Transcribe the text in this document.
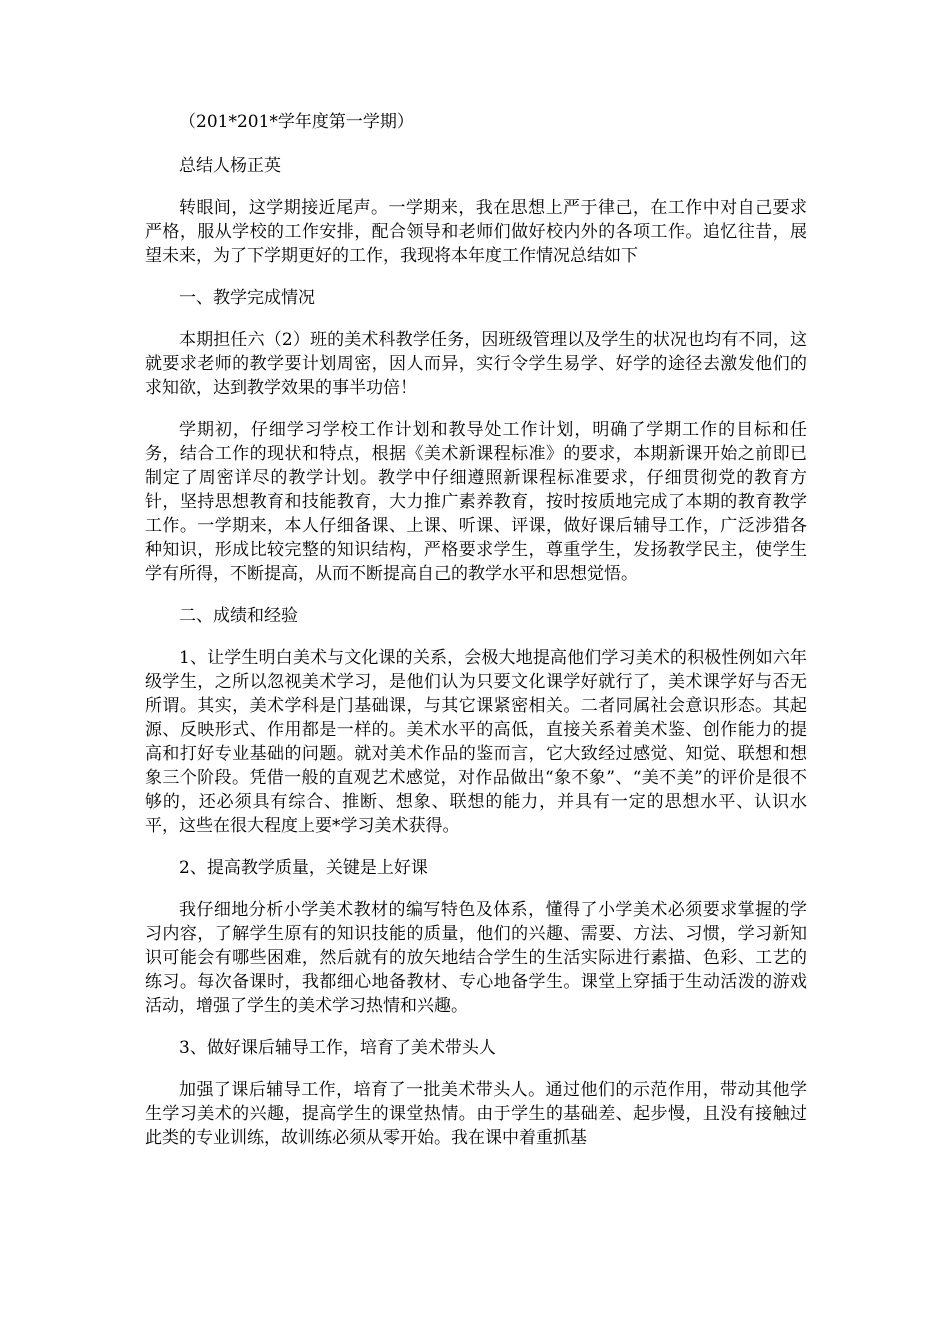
（201*201*学年度第一学期）

总结人杨正英

转眼间，这学期接近尾声。一学期来，我在思想上严于律己，在工作中对自己要求严格，服从学校的工作安排，配合领导和老师们做好校内外的各项工作。追忆往昔，展望未来，为了下学期更好的工作，我现将本年度工作情况总结如下

一、教学完成情况

本期担任六（2）班的美术科教学任务，因班级管理以及学生的状况也均有不同，这就要求老师的教学要计划周密，因人而异，实行令学生易学、好学的途径去激发他们的求知欲，达到教学效果的事半功倍！

学期初，仔细学习学校工作计划和教导处工作计划，明确了学期工作的目标和任务，结合工作的现状和特点，根据《美术新课程标准》的要求，本期新课开始之前即已制定了周密详尽的教学计划。教学中仔细遵照新课程标准要求，仔细贯彻党的教育方针，坚持思想教育和技能教育，大力推广素养教育，按时按质地完成了本期的教育教学工作。一学期来，本人仔细备课、上课、听课、评课，做好课后辅导工作，广泛涉猎各种知识，形成比较完整的知识结构，严格要求学生，尊重学生，发扬教学民主，使学生学有所得，不断提高，从而不断提高自己的教学水平和思想觉悟。

二、成绩和经验

1、让学生明白美术与文化课的关系，会极大地提高他们学习美术的积极性例如六年级学生，之所以忽视美术学习，是他们认为只要文化课学好就行了，美术课学好与否无所谓。其实，美术学科是门基础课，与其它课紧密相关。二者同属社会意识形态。其起源、反映形式、作用都是一样的。美术水平的高低，直接关系着美术鉴、创作能力的提高和打好专业基础的问题。就对美术作品的鉴而言，它大致经过感觉、知觉、联想和想象三个阶段。凭借一般的直观艺术感觉，对作品做出“象不象”、“美不美”的评价是很不够的，还必须具有综合、推断、想象、联想的能力，并具有一定的思想水平、认识水平，这些在很大程度上要*学习美术获得。

2、提高教学质量，关键是上好课

我仔细地分析小学美术教材的编写特色及体系，懂得了小学美术必须要求掌握的学习内容，了解学生原有的知识技能的质量，他们的兴趣、需要、方法、习惯，学习新知识可能会有哪些困难，然后就有的放矢地结合学生的生活实际进行素描、色彩、工艺的练习。每次备课时，我都细心地备教材、专心地备学生。课堂上穿插于生动活泼的游戏活动，增强了学生的美术学习热情和兴趣。

3、做好课后辅导工作，培育了美术带头人

加强了课后辅导工作，培育了一批美术带头人。通过他们的示范作用，带动其他学生学习美术的兴趣，提高学生的课堂热情。由于学生的基础差、起步慢，且没有接触过此类的专业训练，故训练必须从零开始。我在课中着重抓基
